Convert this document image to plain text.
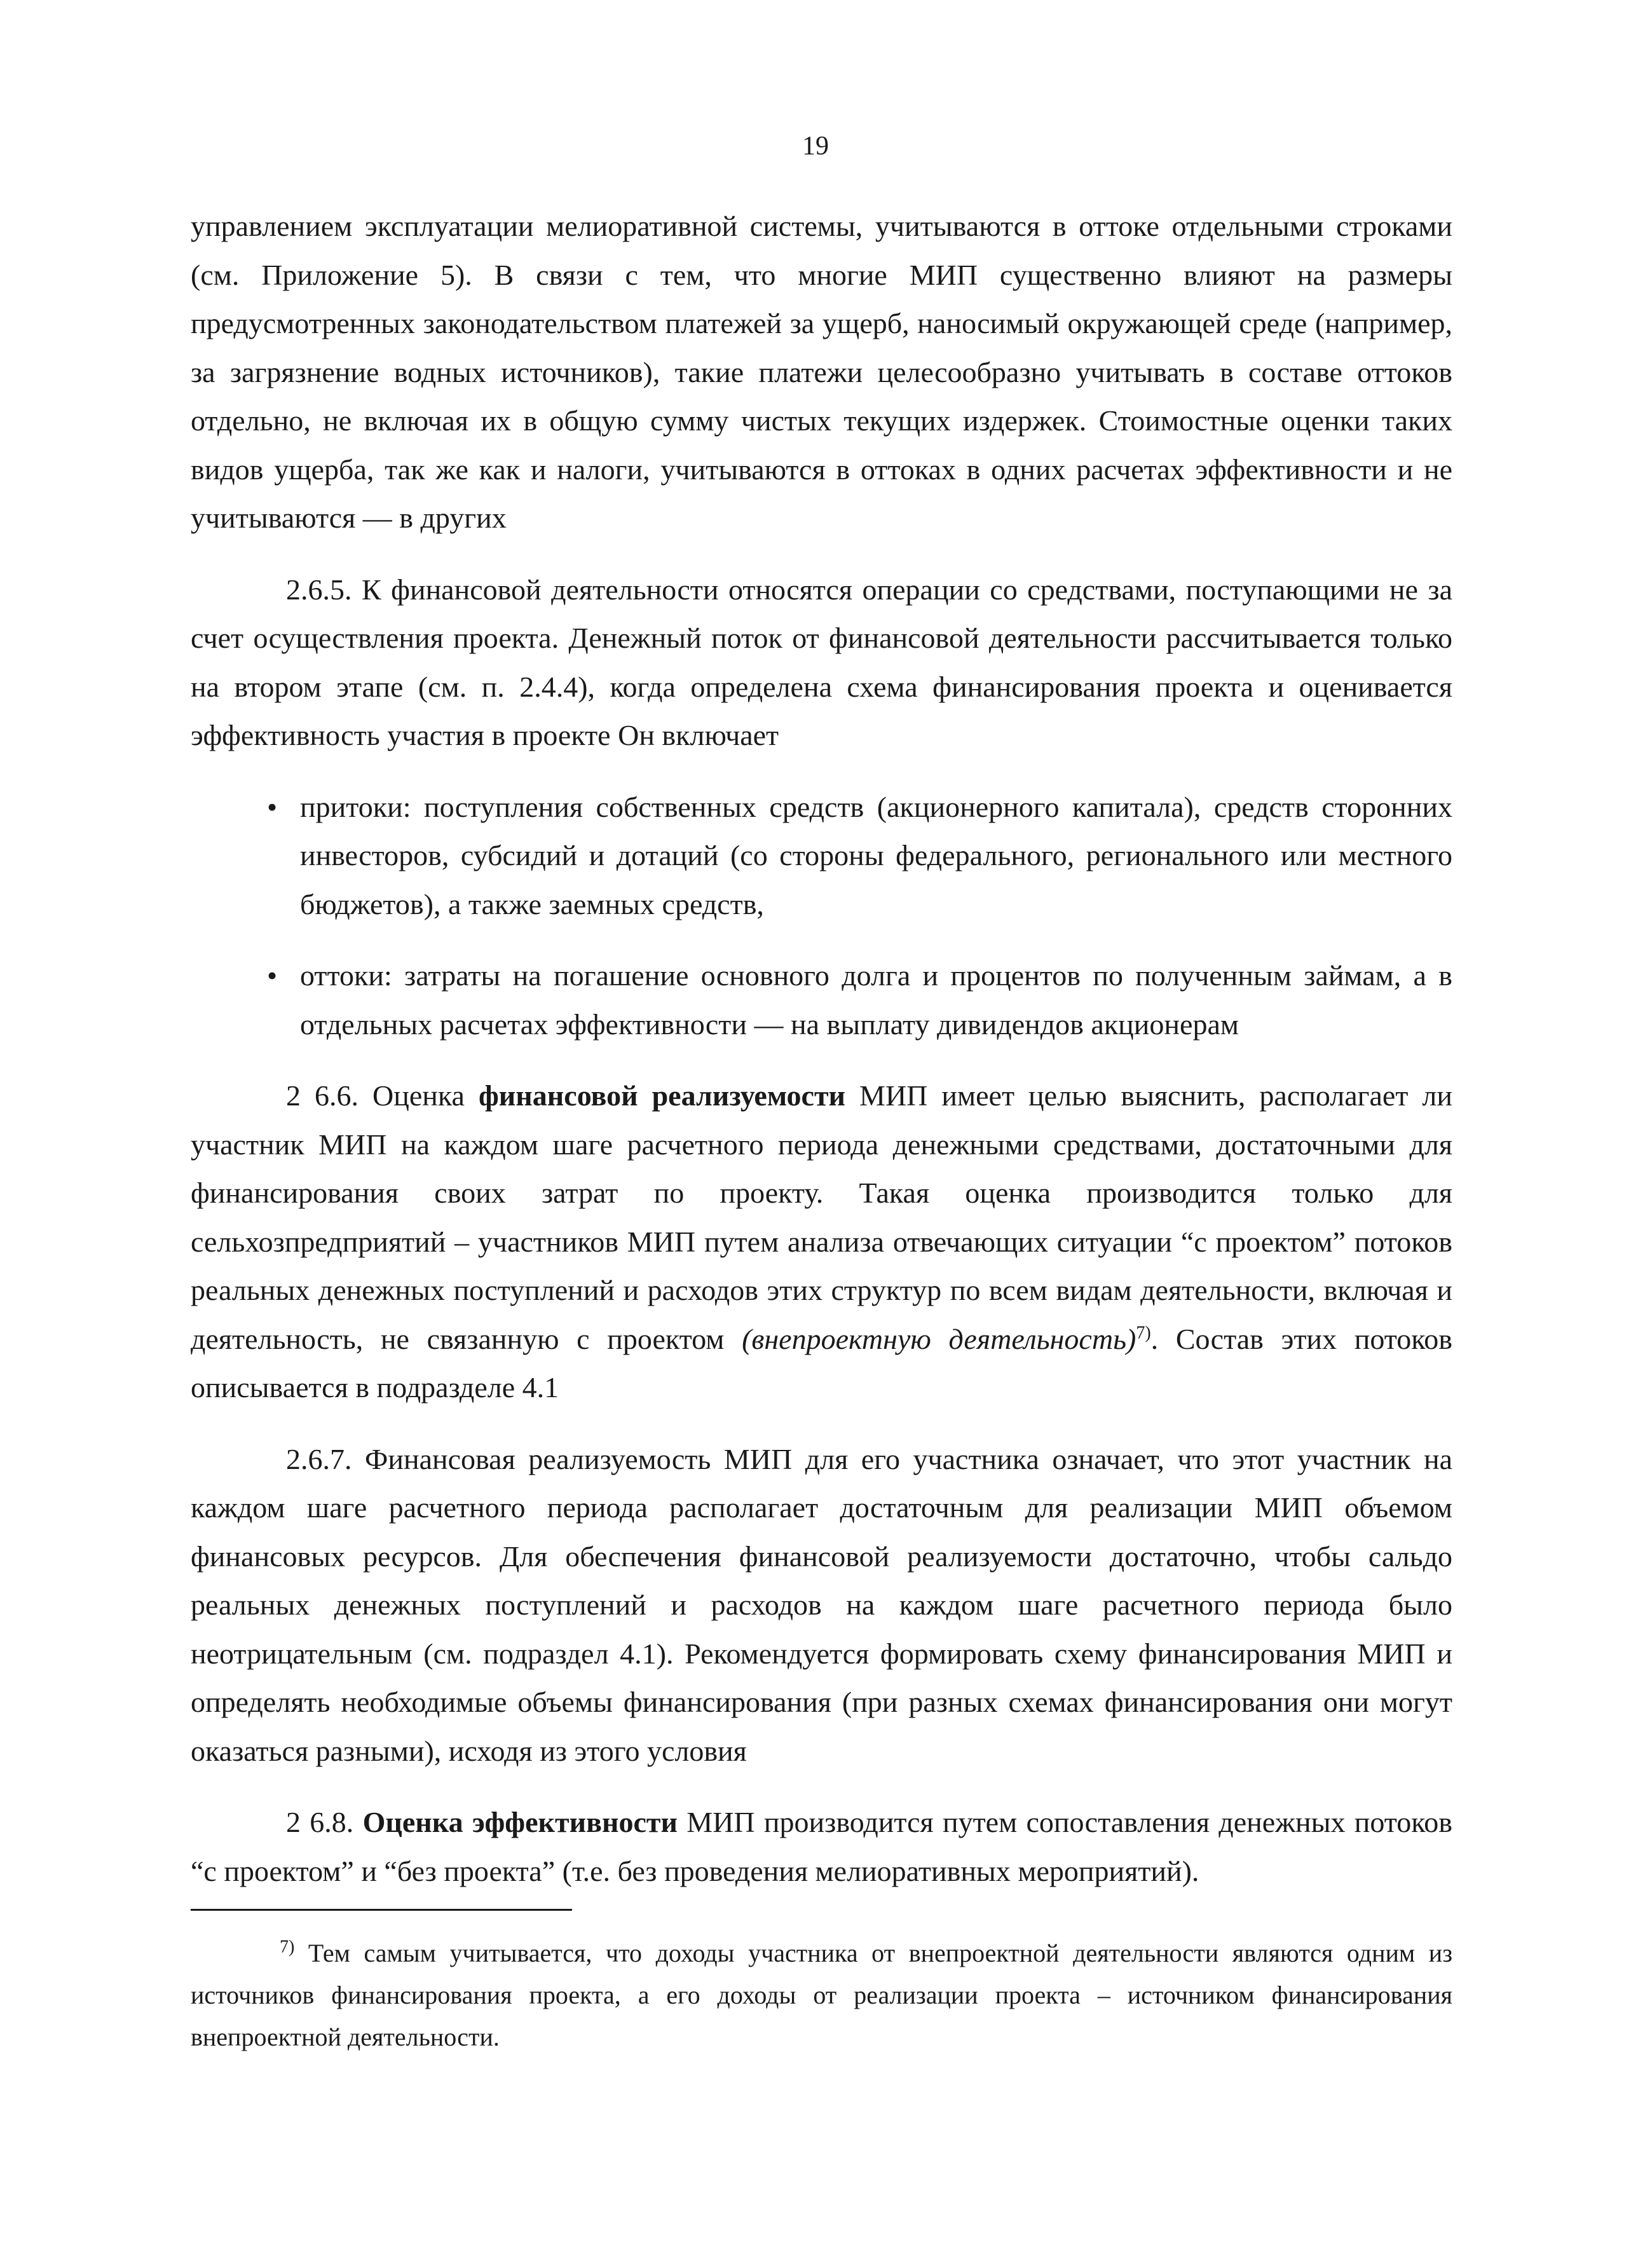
19

управлением эксплуатации мелиоративной системы, учитываются в оттоке отдельными строками (см. Приложение 5). В связи с тем, что многие МИП существенно влияют на размеры предусмотренных законодательством платежей за ущерб, наносимый окружающей среде (например, за загрязнение водных источников), такие платежи целесообразно учитывать в составе оттоков отдельно, не включая их в общую сумму чистых текущих издержек. Стоимостные оценки таких видов ущерба, так же как и налоги, учитываются в оттоках в одних расчетах эффективности и не учитываются — в других

2.6.5. К финансовой деятельности относятся операции со средствами, поступающими не за счет осуществления проекта. Денежный поток от финансовой деятельности рассчитывается только на втором этапе (см. п. 2.4.4), когда определена схема финансирования проекта и оценивается эффективность участия в проекте Он включает

• притоки: поступления собственных средств (акционерного капитала), средств сторонних инвесторов, субсидий и дотаций (со стороны федерального, регионального или местного бюджетов), а также заемных средств,

• оттоки: затраты на погашение основного долга и процентов по полученным займам, а в отдельных расчетах эффективности — на выплату дивидендов акционерам

2 6.6. Оценка финансовой реализуемости МИП имеет целью выяснить, располагает ли участник МИП на каждом шаге расчетного периода денежными средствами, достаточными для финансирования своих затрат по проекту. Такая оценка производится только для сельхозпредприятий – участников МИП путем анализа отвечающих ситуации “с проектом” потоков реальных денежных поступлений и расходов этих структур по всем видам деятельности, включая и деятельность, не связанную с проектом (внепроектную деятельность)$^{7)}$. Состав этих потоков описывается в подразделе 4.1

2.6.7. Финансовая реализуемость МИП для его участника означает, что этот участник на каждом шаге расчетного периода располагает достаточным для реализации МИП объемом финансовых ресурсов. Для обеспечения финансовой реализуемости достаточно, чтобы сальдо реальных денежных поступлений и расходов на каждом шаге расчетного периода было неотрицательным (см. подраздел 4.1). Рекомендуется формировать схему финансирования МИП и определять необходимые объемы финансирования (при разных схемах финансирования они могут оказаться разными), исходя из этого условия

2 6.8. Оценка эффективности МИП производится путем сопоставления денежных потоков “с проектом” и “без проекта” (т.е. без проведения мелиоративных мероприятий).

$^{7)}$ Тем самым учитывается, что доходы участника от внепроектной деятельности являются одним из источников финансирования проекта, а его доходы от реализации проекта – источником финансирования внепроектной деятельности.
